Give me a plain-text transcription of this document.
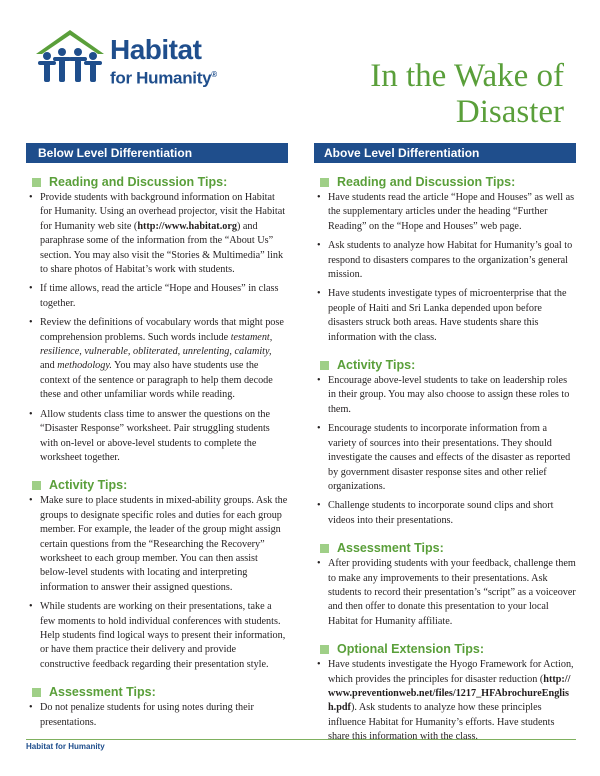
Habitat
for Humanity®	In the Wake of
Disaster
Below Level Differentiation
Reading and Discussion Tips:
• Provide students with background information on Habitat for Humanity. Using an overhead projector, visit the Habitat for Humanity web site (http://www.habitat.org) and paraphrase some of the information from the “About Us” section. You may also visit the “Stories & Multimedia” link to share photos of Habitat’s work with students.
• If time allows, read the article “Hope and Houses” in class together.
• Review the definitions of vocabulary words that might pose comprehension problems. Such words include testament, resilience, vulnerable, obliterated, unrelenting, calamity, and methodology. You may also have students use the context of the sentence or paragraph to help them decode these and other unfamiliar words while reading.
• Allow students class time to answer the questions on the “Disaster Response” worksheet. Pair struggling students with on-level or above-level students to complete the worksheet together.
Activity Tips:
• Make sure to place students in mixed-ability groups. Ask the groups to designate specific roles and duties for each group member. For example, the leader of the group might assign certain questions from the “Researching the Recovery” worksheet to each group member. You can then assist below-level students with locating and interpreting information to answer their assigned questions.
• While students are working on their presentations, take a few moments to hold individual conferences with students. Help students find logical ways to present their information, or have them practice their delivery and provide constructive feedback regarding their presentation style.
Assessment Tips:
• Do not penalize students for using notes during their presentations.
Above Level Differentiation
Reading and Discussion Tips:
• Have students read the article “Hope and Houses” as well as the supplementary articles under the heading “Further Reading” on the “Hope and Houses” web page.
• Ask students to analyze how Habitat for Humanity’s goal to respond to disasters compares to the organization’s general mission.
• Have students investigate types of microenterprise that the people of Haiti and Sri Lanka depended upon before disasters struck both areas. Have students share this information with the class.
Activity Tips:
• Encourage above-level students to take on leadership roles in their group. You may also choose to assign these roles to them.
• Encourage students to incorporate information from a variety of sources into their presentations. They should investigate the causes and effects of the disaster as reported by government disaster response sites and other relief organizations.
• Challenge students to incorporate sound clips and short videos into their presentations.
Assessment Tips:
• After providing students with your feedback, challenge them to make any improvements to their presentations. Ask students to record their presentation’s “script” as a voiceover and then offer to donate this presentation to your local Habitat for Humanity affiliate.
Optional Extension Tips:
• Have students investigate the Hyogo Framework for Action, which provides the principles for disaster reduction (http://www.preventionweb.net/files/1217_HFAbrochureEnglish.pdf). Ask students to analyze how these principles influence Habitat for Humanity’s efforts. Have students share this information with the class.
Habitat for Humanity
